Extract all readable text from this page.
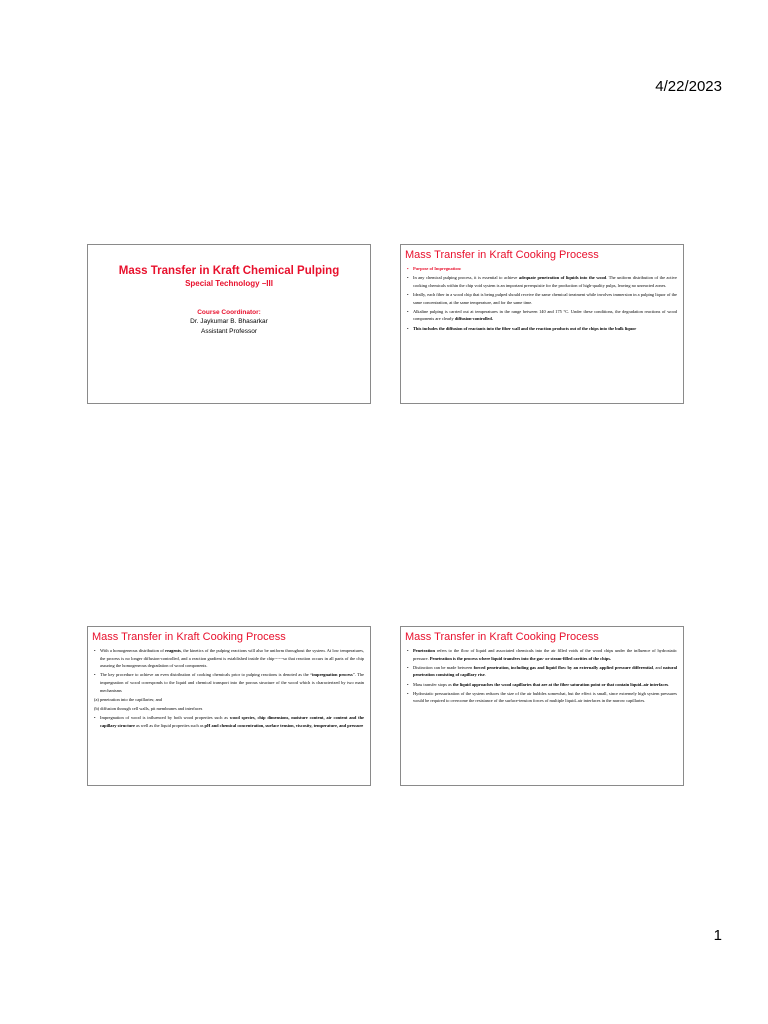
4/22/2023
Mass Transfer in Kraft Chemical Pulping
Special Technology –III
Course Coordinator:
Dr. Jaykumar B. Bhasarkar
Assistant Professor
Mass Transfer in Kraft Cooking Process
• Purpose of Impregnation:
• In any chemical pulping process, it is essential to achieve adequate penetration of liquids into the wood. The uniform distribution of the active cooking chemicals within the chip void system is an important prerequisite for the production of high-quality pulps, leaving no unreacted zones.
• Ideally, each fiber in a wood chip that is being pulped should receive the same chemical treatment while involves immersion in a pulping liquor of the same concentration, at the same temperature, and for the same time.
• Alkaline pulping is carried out at temperatures in the range between 140 and 175 °C. Under these conditions, the degradation reactions of wood components are clearly diffusion-controlled.
• This includes the diffusion of reactants into the fiber wall and the reaction products out of the chips into the bulk liquor
Mass Transfer in Kraft Cooking Process
• With a homogeneous distribution of reagents, the kinetics of the pulping reactions will also be uniform throughout the system. At low temperatures, the process is no longer diffusion-controlled, and a reaction gradient is established inside the chip------so that reaction occurs in all parts of the chip assuring the homogeneous degradation of wood components.
• The key procedure to achieve an even distribution of cooking chemicals prior to pulping reactions is denoted as the “impregnation process”. The impregnation of wood corresponds to the liquid and chemical transport into the porous structure of the wood which is characterized by two main mechanisms
(a) penetration into the capillaries; and
(b) diffusion through cell walls, pit membranes and interfaces
• Impregnation of wood is influenced by both wood properties such as wood species, chip dimensions, moisture content, air content and the capillary structure as well as the liquid properties such as pH and chemical concentration, surface tension, viscosity, temperature, and pressure
Mass Transfer in Kraft Cooking Process
• Penetration refers to the flow of liquid and associated chemicals into the air filled voids of the wood chips under the influence of hydrostatic pressure. Penetration is the process where liquid transfers into the gas- or steam-filled cavities of the chips.
• Distinction can be made between forced penetration, including gas and liquid flow by an externally applied pressure differential, and natural penetration consisting of capillary rise.
• Mass transfer stops as the liquid approaches the wood capillaries that are at the fiber saturation point or that contain liquid–air interfaces.
• Hydrostatic pressurization of the system reduces the size of the air bubbles somewhat, but the effect is small, since extremely high system pressures would be required to overcome the resistance of the surface-tension forces of multiple liquid–air interfaces in the narrow capillaries.
1
